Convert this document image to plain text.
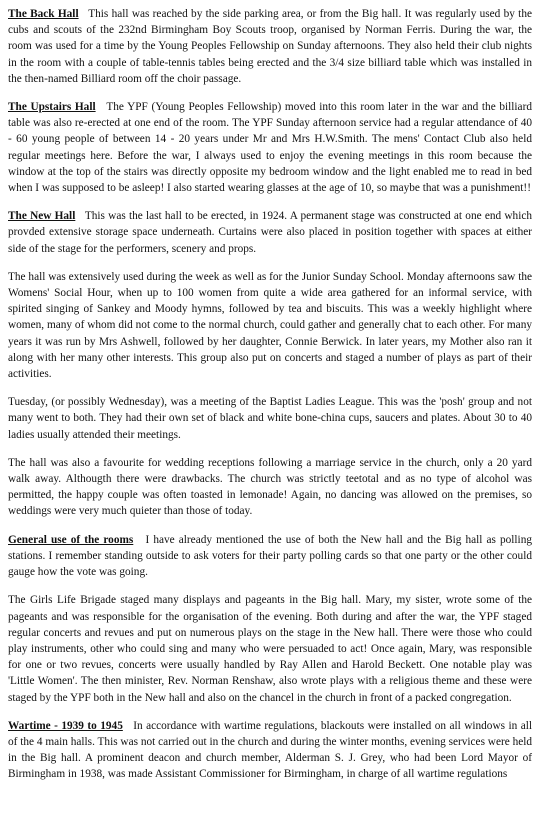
The Back Hall This hall was reached by the side parking area, or from the Big hall. It was regularly used by the cubs and scouts of the 232nd Birmingham Boy Scouts troop, organised by Norman Ferris. During the war, the room was used for a time by the Young Peoples Fellowship on Sunday afternoons. They also held their club nights in the room with a couple of table-tennis tables being erected and the 3/4 size billiard table which was installed in the then-named Billiard room off the choir passage.

The Upstairs Hall The YPF (Young Peoples Fellowship) moved into this room later in the war and the billiard table was also re-erected at one end of the room. The YPF Sunday afternoon service had a regular attendance of 40 - 60 young people of between 14 - 20 years under Mr and Mrs H.W.Smith. The mens' Contact Club also held regular meetings here. Before the war, I always used to enjoy the evening meetings in this room because the window at the top of the stairs was directly opposite my bedroom window and the light enabled me to read in bed when I was supposed to be asleep! I also started wearing glasses at the age of 10, so maybe that was a punishment!!

The New Hall This was the last hall to be erected, in 1924. A permanent stage was constructed at one end which provded extensive storage space underneath. Curtains were also placed in position together with spaces at either side of the stage for the performers, scenery and props.

The hall was extensively used during the week as well as for the Junior Sunday School. Monday afternoons saw the Womens' Social Hour, when up to 100 women from quite a wide area gathered for an informal service, with spirited singing of Sankey and Moody hymns, followed by tea and biscuits. This was a weekly highlight where women, many of whom did not come to the normal church, could gather and generally chat to each other. For many years it was run by Mrs Ashwell, followed by her daughter, Connie Berwick. In later years, my Mother also ran it along with her many other interests. This group also put on concerts and staged a number of plays as part of their activities.

Tuesday, (or possibly Wednesday), was a meeting of the Baptist Ladies League. This was the 'posh' group and not many went to both. They had their own set of black and white bone-china cups, saucers and plates. About 30 to 40 ladies usually attended their meetings.

The hall was also a favourite for wedding receptions following a marriage service in the church, only a 20 yard walk away. Althougth there were drawbacks. The church was strictly teetotal and as no type of alcohol was permitted, the happy couple was often toasted in lemonade! Again, no dancing was allowed on the premises, so weddings were very much quieter than those of today.

General use of the rooms I have already mentioned the use of both the New hall and the Big hall as polling stations. I remember standing outside to ask voters for their party polling cards so that one party or the other could gauge how the vote was going.

The Girls Life Brigade staged many displays and pageants in the Big hall. Mary, my sister, wrote some of the pageants and was responsible for the organisation of the evening. Both during and after the war, the YPF staged regular concerts and revues and put on numerous plays on the stage in the New hall. There were those who could play instruments, other who could sing and many who were persuaded to act! Once again, Mary, was responsible for one or two revues, concerts were usually handled by Ray Allen and Harold Beckett. One notable play was 'Little Women'. The then minister, Rev. Norman Renshaw, also wrote plays with a religious theme and these were staged by the YPF both in the New hall and also on the chancel in the church in front of a packed congregation.

Wartime - 1939 to 1945 In accordance with wartime regulations, blackouts were installed on all windows in all of the 4 main halls. This was not carried out in the church and during the winter months, evening services were held in the Big hall. A prominent deacon and church member, Alderman S. J. Grey, who had been Lord Mayor of Birmingham in 1938, was made Assistant Commissioner for Birmingham, in charge of all wartime regulations
